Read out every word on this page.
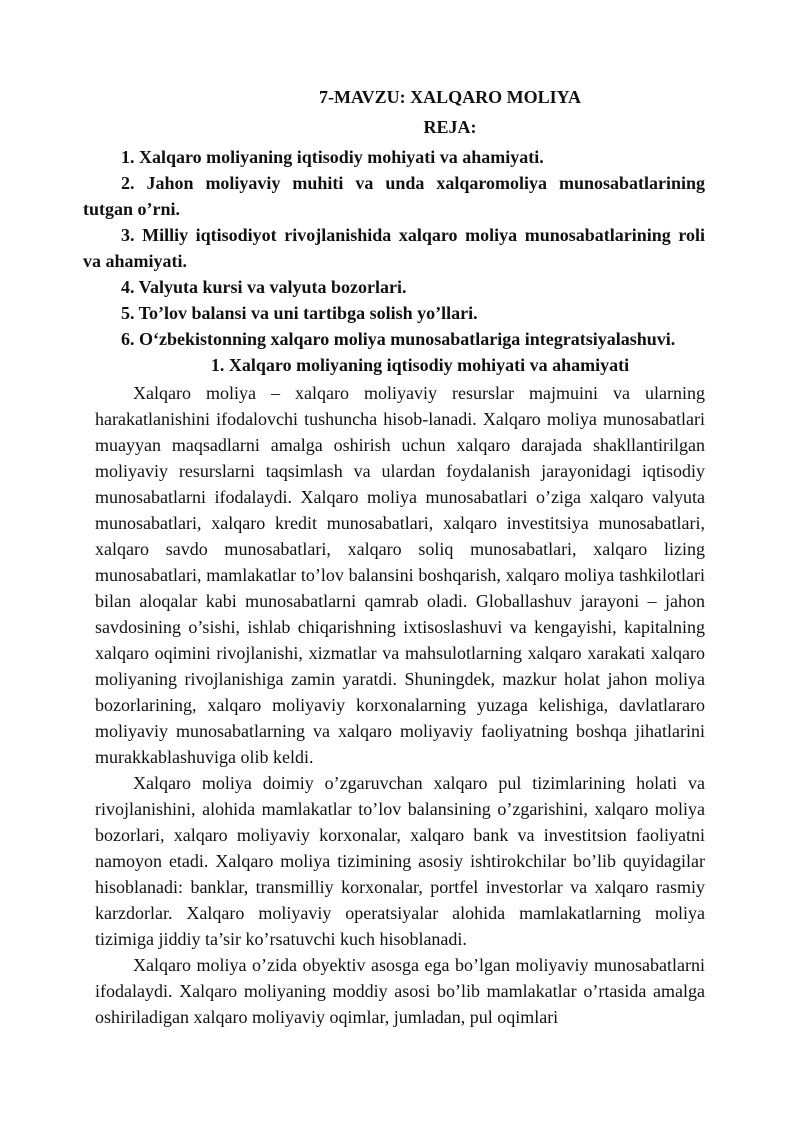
7-MAVZU: XALQARO MOLIYA
REJA:
1. Xalqaro moliyaning iqtisodiy mohiyati va ahamiyati.
2. Jahon moliyaviy muhiti va unda xalqaromoliya munosabatlarining tutgan o’rni.
3. Milliy iqtisodiyot rivojlanishida xalqaro moliya munosabatlarining roli va ahamiyati.
4. Valyuta kursi va valyuta bozorlari.
5. To’lov balansi va uni tartibga solish yo’llari.
6. O‘zbekistonning xalqaro moliya munosabatlariga integratsiyalashuvi.
1. Xalqaro moliyaning iqtisodiy mohiyati va ahamiyati

Xalqaro moliya – xalqaro moliyaviy resurslar majmuini va ularning harakatlanishini ifodalovchi tushuncha hisob-lanadi. Xalqaro moliya munosabatlari muayyan maqsadlarni amalga oshirish uchun xalqaro darajada shakllantirilgan moliyaviy resurslarni taqsimlash va ulardan foydalanish jarayonidagi iqtisodiy munosabatlarni ifodalaydi. Xalqaro moliya munosabatlari o’ziga xalqaro valyuta munosabatlari, xalqaro kredit munosabatlari, xalqaro investitsiya munosabatlari, xalqaro savdo munosabatlari, xalqaro soliq munosabatlari, xalqaro lizing munosabatlari, mamlakatlar to’lov balansini boshqarish, xalqaro moliya tashkilotlari bilan aloqalar kabi munosabatlarni qamrab oladi. Globallashuv jarayoni – jahon savdosining o’sishi, ishlab chiqarishning ixtisoslashuvi va kengayishi, kapitalning xalqaro oqimini rivojlanishi, xizmatlar va mahsulotlarning xalqaro xarakati xalqaro moliyaning rivojlanishiga zamin yaratdi. Shuningdek, mazkur holat jahon moliya bozorlarining, xalqaro moliyaviy korxonalarning yuzaga kelishiga, davlatlararo moliyaviy munosabatlarning va xalqaro moliyaviy faoliyatning boshqa jihatlarini murakkablashuviga olib keldi.

Xalqaro moliya doimiy o’zgaruvchan xalqaro pul tizimlarining holati va rivojlanishini, alohida mamlakatlar to’lov balansining o’zgarishini, xalqaro moliya bozorlari, xalqaro moliyaviy korxonalar, xalqaro bank va investitsion faoliyatni namoyon etadi. Xalqaro moliya tizimining asosiy ishtirokchilar bo’lib quyidagilar hisoblanadi: banklar, transmilliy korxonalar, portfel investorlar va xalqaro rasmiy karzdorlar. Xalqaro moliyaviy operatsiyalar alohida mamlakatlarning moliya tizimiga jiddiy ta’sir ko’rsatuvchi kuch hisoblanadi.

Xalqaro moliya o’zida obyektiv asosga ega bo’lgan moliyaviy munosabatlarni ifodalaydi. Xalqaro moliyaning moddiy asosi bo’lib mamlakatlar o’rtasida amalga oshiriladigan xalqaro moliyaviy oqimlar, jumladan, pul oqimlari
